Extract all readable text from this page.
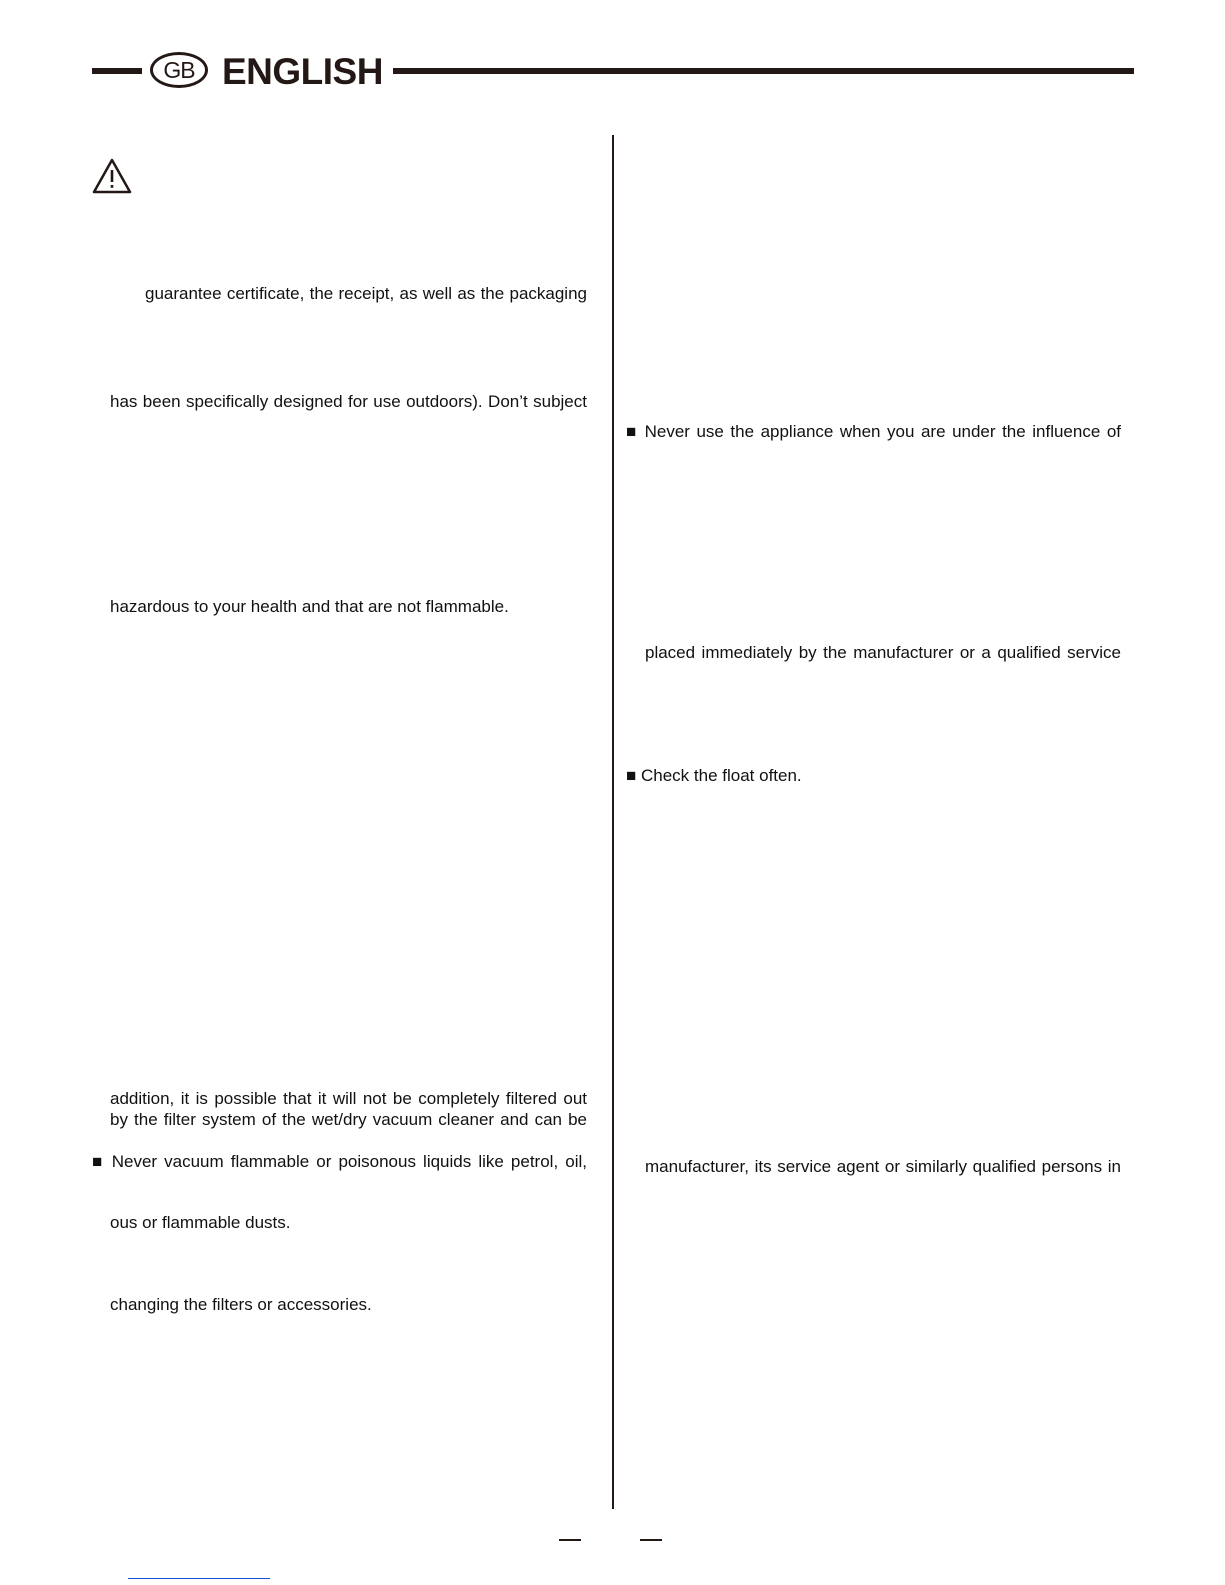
GB ENGLISH
guarantee certificate, the receipt, as well as the packaging
has been specifically designed for use outdoors). Don’t subject
hazardous to your health and that are not flammable.
addition, it is possible that it will not be completely filtered out
by the filter system of the wet/dry vacuum cleaner and can be
■ Never vacuum flammable or poisonous liquids like petrol, oil,
ous or flammable dusts.
changing the filters or accessories.
■ Never use the appliance when you are under the influence of
placed immediately by the manufacturer or a qualified service
■ Check the float often.
manufacturer, its service agent or similarly qualified persons in
